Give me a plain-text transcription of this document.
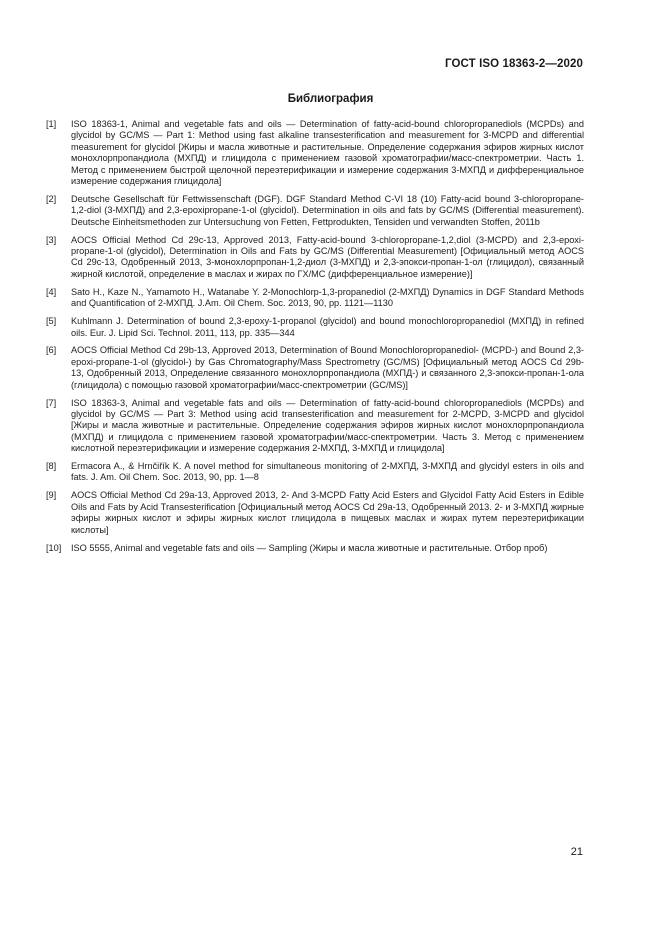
ГОСТ ISO 18363-2—2020
Библиография
[1] ISO 18363-1, Animal and vegetable fats and oils — Determination of fatty-acid-bound chloropropanediols (MCPDs) and glycidol by GC/MS — Part 1: Method using fast alkaline transesterification and measurement for 3-MCPD and differential measurement for glycidol [Жиры и масла животные и растительные. Определение содержания эфиров жирных кислот монохлорпропандиола (МХПД) и глицидола с применением газовой хроматографии/масс-спектрометрии. Часть 1. Метод с применением быстрой щелочной переэтерификации и измерение содержания 3-МХПД и дифференциальное измерение содержания глицидола]
[2] Deutsche Gesellschaft für Fettwissenschaft (DGF). DGF Standard Method C-VI 18 (10) Fatty-acid bound 3-chloropropane-1,2-diol (3-МХПД) and 2,3-epoxipropane-1-ol (glycidol). Determination in oils and fats by GC/MS (Differential measurement). Deutsche Einheitsmethoden zur Untersuchung von Fetten, Fettprodukten, Tensiden und verwandten Stoffen, 2011b
[3] AOCS Official Method Cd 29c-13, Approved 2013, Fatty-acid-bound 3-chloropropane-1,2,diol (3-MCPD) and 2,3-epoxi-propane-1-ol (glycidol), Determination in Oils and Fats by GC/MS (Differential Measurement) [Официальный метод AOCS Cd 29c-13, Одобренный 2013, 3-монохлорпропан-1,2-диол (3-МХПД) и 2,3-эпокси-пропан-1-ол (глицидол), связанный жирной кислотой, определение в маслах и жирах по ГХ/МС (дифференциальное измерение)]
[4] Sato H., Kaze N., Yamamoto H., Watanabe Y. 2-Monochlorp-1,3-propanediol (2-МХПД) Dynamics in DGF Standard Methods and Quantification of 2-МХПД. J.Am. Oil Chem. Soc. 2013, 90, pp. 1121—1130
[5] Kuhlmann J. Determination of bound 2,3-epoxy-1-propanol (glycidol) and bound monochloropropanediol (МХПД) in refined oils. Eur. J. Lipid Sci. Technol. 2011, 113, pp. 335—344
[6] AOCS Official Method Cd 29b-13, Approved 2013, Determination of Bound Monochloropropanediol- (MCPD-) and Bound 2,3-epoxi-propane-1-ol (glycidol-) by Gas Chromatography/Mass Spectrometry (GC/MS) [Официальный метод AOCS Cd 29b-13, Одобренный 2013, Определение связанного монохлорпропандиола (МХПД-) и связанного 2,3-эпокси-пропан-1-ола (глицидола) с помощью газовой хроматографии/масс-спектрометрии (GC/MS)]
[7] ISO 18363-3, Animal and vegetable fats and oils — Determination of fatty-acid-bound chloropropanediols (MCPDs) and glycidol by GC/MS — Part 3: Method using acid transesterification and measurement for 2-MCPD, 3-MCPD and glycidol [Жиры и масла животные и растительные. Определение содержания эфиров жирных кислот монохлорпропандиола (МХПД) и глицидола с применением газовой хроматографии/масс-спектрометрии. Часть 3. Метод с применением кислотной переэтерификации и измерение содержания 2-МХПД, 3-МХПД и глицидола]
[8] Ermacora A., & Hrnčiřík K. A novel method for simultaneous monitoring of 2-МХПД, 3-МХПД and glycidyl esters in oils and fats. J. Am. Oil Chem. Soc. 2013, 90, pp. 1—8
[9] AOCS Official Method Cd 29a-13, Approved 2013, 2- And 3-MCPD Fatty Acid Esters and Glycidol Fatty Acid Esters in Edible Oils and Fats by Acid Transesterification [Официальный метод AOCS Cd 29a-13, Одобренный 2013. 2- и 3-МХПД жирные эфиры жирных кислот и эфиры жирных кислот глицидола в пищевых маслах и жирах путем переэтерификации кислоты]
[10] ISO 5555, Animal and vegetable fats and oils — Sampling (Жиры и масла животные и растительные. Отбор проб)
21
